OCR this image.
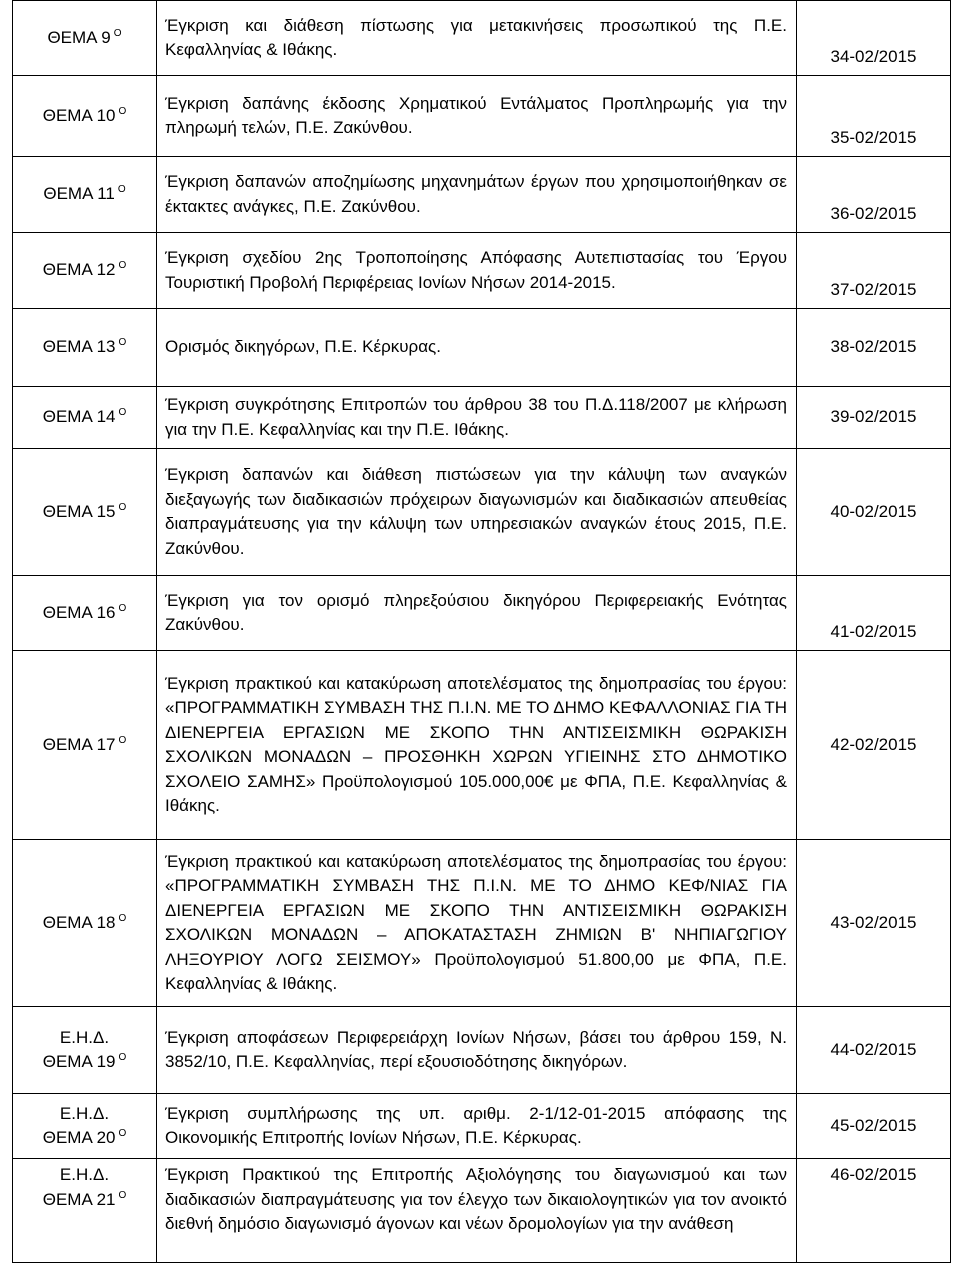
ΘΕΜΑ 9 $^O$	Έγκριση και διάθεση πίστωσης για μετακινήσεις προσωπικού της Π.Ε. Κεφαλληνίας & Ιθάκης.	34-02/2015

ΘΕΜΑ 10 $^O$	Έγκριση δαπάνης έκδοσης Χρηματικού Εντάλματος Προπληρωμής για την πληρωμή τελών, Π.Ε. Ζακύνθου.	35-02/2015

ΘΕΜΑ 11 $^O$	Έγκριση δαπανών αποζημίωσης μηχανημάτων έργων που χρησιμοποιήθηκαν σε έκτακτες ανάγκες, Π.Ε. Ζακύνθου.	36-02/2015

ΘΕΜΑ 12 $^O$	Έγκριση σχεδίου 2ης Τροποποίησης Απόφασης Αυτεπιστασίας του Έργου Τουριστική Προβολή Περιφέρειας Ιονίων Νήσων 2014-2015.	37-02/2015

ΘΕΜΑ 13 $^O$	Ορισμός δικηγόρων, Π.Ε. Κέρκυρας.	38-02/2015

ΘΕΜΑ 14 $^O$	Έγκριση συγκρότησης Επιτροπών του άρθρου 38 του Π.Δ.118/2007 με κλήρωση για την Π.Ε. Κεφαλληνίας και την Π.Ε. Ιθάκης.	39-02/2015

ΘΕΜΑ 15 $^O$	Έγκριση δαπανών και διάθεση πιστώσεων για την κάλυψη των αναγκών διεξαγωγής των διαδικασιών πρόχειρων διαγωνισμών και διαδικασιών απευθείας διαπραγμάτευσης για την κάλυψη των υπηρεσιακών αναγκών έτους 2015, Π.Ε. Ζακύνθου.	40-02/2015

ΘΕΜΑ 16 $^O$	Έγκριση για τον ορισμό πληρεξούσιου δικηγόρου Περιφερειακής Ενότητας Ζακύνθου.	41-02/2015

ΘΕΜΑ 17 $^O$	Έγκριση πρακτικού και κατακύρωση αποτελέσματος της δημοπρασίας του έργου: «ΠΡΟΓΡΑΜΜΑΤΙΚΗ ΣΥΜΒΑΣΗ ΤΗΣ Π.Ι.Ν. ΜΕ ΤΟ ΔΗΜΟ ΚΕΦΑΛΛΟΝΙΑΣ ΓΙΑ ΤΗ ΔΙΕΝΕΡΓΕΙΑ ΕΡΓΑΣΙΩΝ ΜΕ ΣΚΟΠΟ ΤΗΝ ΑΝΤΙΣΕΙΣΜΙΚΗ ΘΩΡΑΚΙΣΗ ΣΧΟΛΙΚΩΝ ΜΟΝΑΔΩΝ – ΠΡΟΣΘΗΚΗ ΧΩΡΩΝ ΥΓΙΕΙΝΗΣ ΣΤΟ ΔΗΜΟΤΙΚΟ ΣΧΟΛΕΙΟ ΣΑΜΗΣ» Προϋπολογισμού 105.000,00€ με ΦΠΑ, Π.Ε. Κεφαλληνίας & Ιθάκης.	42-02/2015

ΘΕΜΑ 18 $^O$	Έγκριση πρακτικού και κατακύρωση αποτελέσματος της δημοπρασίας του έργου: «ΠΡΟΓΡΑΜΜΑΤΙΚΗ ΣΥΜΒΑΣΗ ΤΗΣ Π.Ι.Ν. ΜΕ ΤΟ ΔΗΜΟ ΚΕΦ/ΝΙΑΣ ΓΙΑ ΔΙΕΝΕΡΓΕΙΑ ΕΡΓΑΣΙΩΝ ΜΕ ΣΚΟΠΟ ΤΗΝ ΑΝΤΙΣΕΙΣΜΙΚΗ ΘΩΡΑΚΙΣΗ ΣΧΟΛΙΚΩΝ ΜΟΝΑΔΩΝ – ΑΠΟΚΑΤΑΣΤΑΣΗ ΖΗΜΙΩΝ Β' ΝΗΠΙΑΓΩΓΙΟΥ ΛΗΞΟΥΡΙΟΥ ΛΟΓΩ ΣΕΙΣΜΟΥ» Προϋπολογισμού 51.800,00 με ΦΠΑ, Π.Ε. Κεφαλληνίας & Ιθάκης.	43-02/2015

Ε.Η.Δ.
ΘΕΜΑ 19 $^O$	Έγκριση αποφάσεων Περιφερειάρχη Ιονίων Νήσων, βάσει του άρθρου 159, Ν. 3852/10, Π.Ε. Κεφαλληνίας, περί εξουσιοδότησης δικηγόρων.	44-02/2015

Ε.Η.Δ.
ΘΕΜΑ 20 $^O$	Έγκριση συμπλήρωσης της υπ. αριθμ. 2-1/12-01-2015 απόφασης της Οικονομικής Επιτροπής Ιονίων Νήσων, Π.Ε. Κέρκυρας.	45-02/2015

Ε.Η.Δ.
ΘΕΜΑ 21 $^O$	Έγκριση Πρακτικού της Επιτροπής Αξιολόγησης του διαγωνισμού και των διαδικασιών διαπραγμάτευσης για τον έλεγχο των δικαιολογητικών για τον ανοικτό διεθνή δημόσιο διαγωνισμό άγονων και νέων δρομολογίων για την ανάθεση	46-02/2015
